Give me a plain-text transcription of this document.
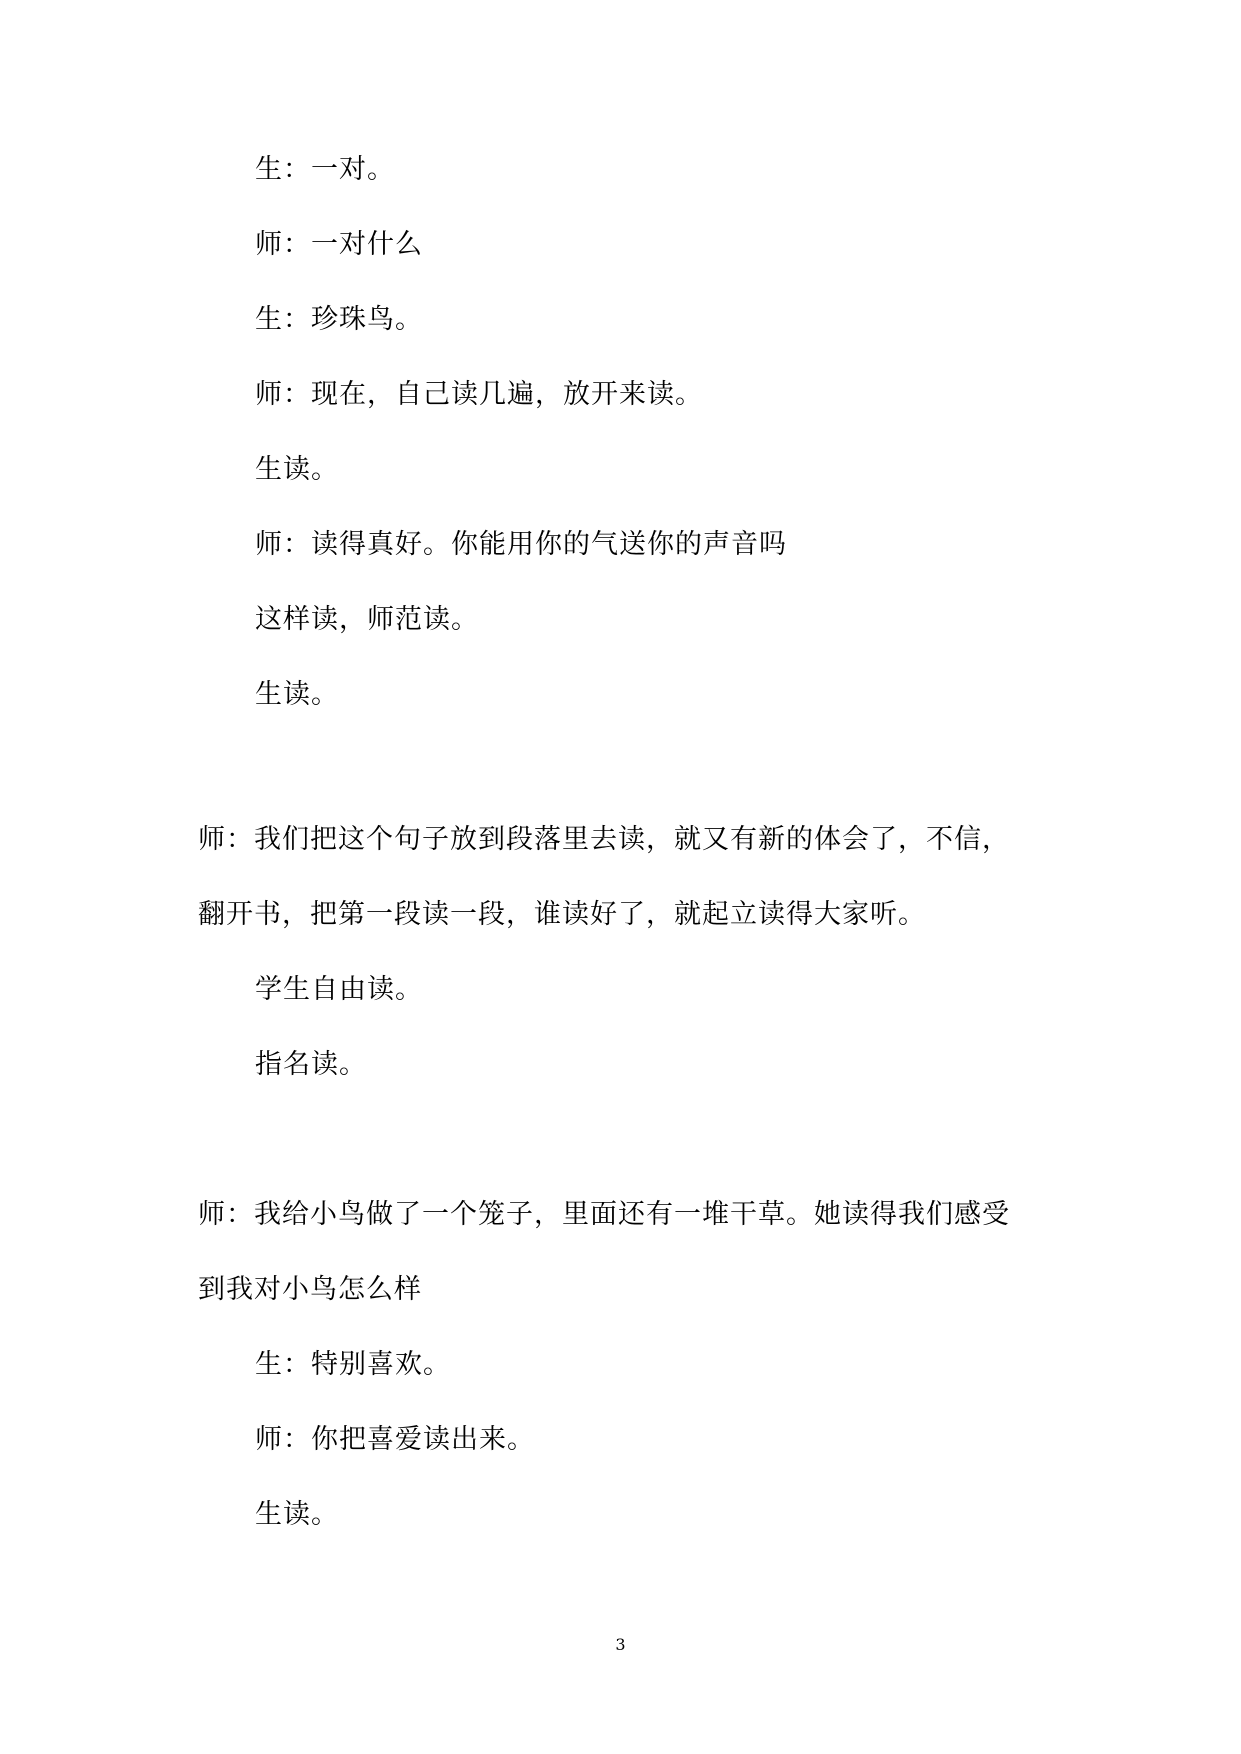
生：一对。
师：一对什么
生：珍珠鸟。
师：现在，自己读几遍，放开来读。
生读。
师：读得真好。你能用你的气送你的声音吗
这样读，师范读。
生读。
师：我们把这个句子放到段落里去读，就又有新的体会了，不信，
翻开书，把第一段读一段，谁读好了，就起立读得大家听。
学生自由读。
指名读。
师：我给小鸟做了一个笼子，里面还有一堆干草。她读得我们感受
到我对小鸟怎么样
生：特别喜欢。
师：你把喜爱读出来。
生读。
3
